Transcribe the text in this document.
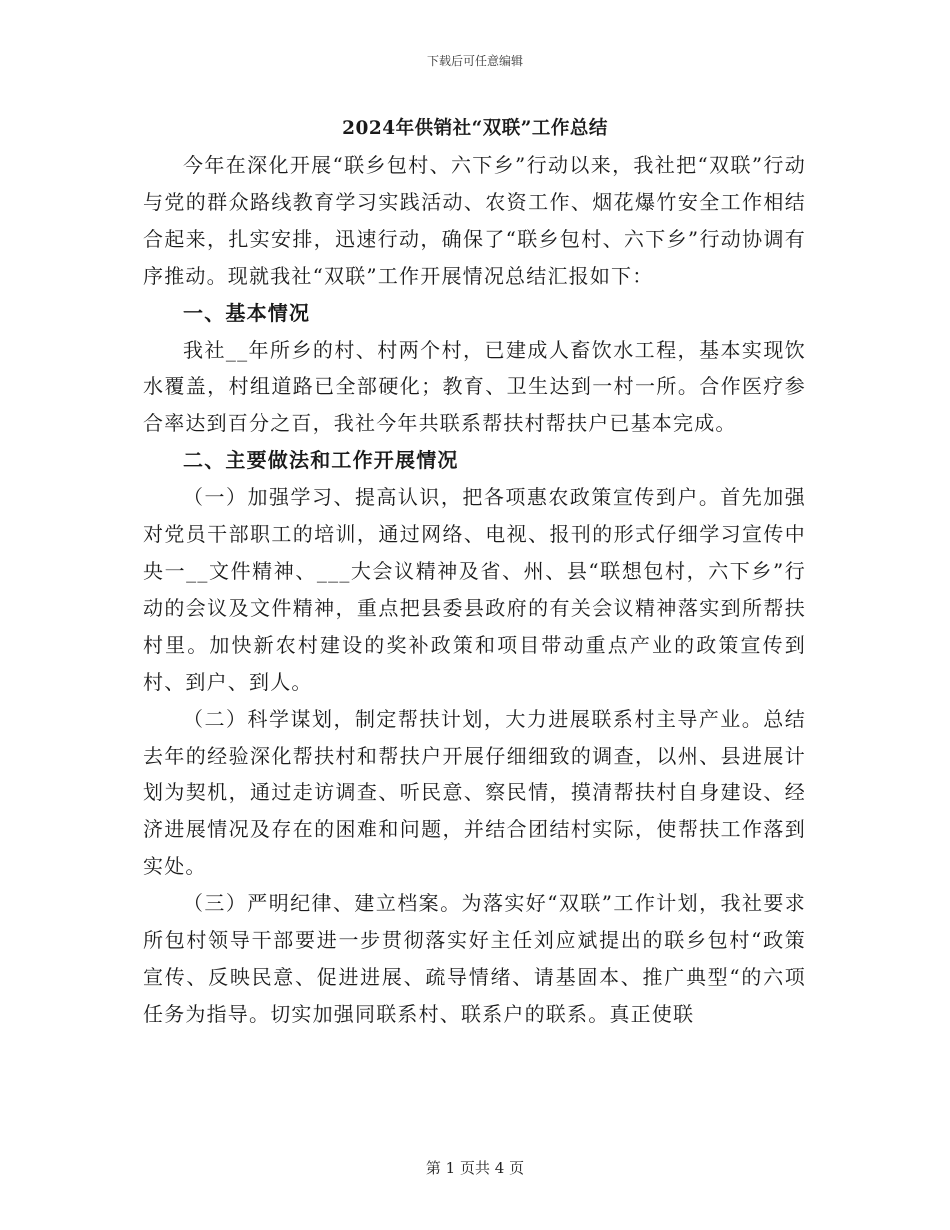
下载后可任意编辑
2024年供销社“双联”工作总结

今年在深化开展“联乡包村、六下乡”行动以来，我社把“双联”行动与党的群众路线教育学习实践活动、农资工作、烟花爆竹安全工作相结合起来，扎实安排，迅速行动，确保了“联乡包村、六下乡”行动协调有序推动。现就我社“双联”工作开展情况总结汇报如下：

一、基本情况

我社__年所乡的村、村两个村，已建成人畜饮水工程，基本实现饮水覆盖，村组道路已全部硬化；教育、卫生达到一村一所。合作医疗参合率达到百分之百，我社今年共联系帮扶村帮扶户已基本完成。

二、主要做法和工作开展情况

（一）加强学习、提高认识，把各项惠农政策宣传到户。首先加强对党员干部职工的培训，通过网络、电视、报刊的形式仔细学习宣传中央一__文件精神、___大会议精神及省、州、县“联想包村，六下乡”行动的会议及文件精神，重点把县委县政府的有关会议精神落实到所帮扶村里。加快新农村建设的奖补政策和项目带动重点产业的政策宣传到村、到户、到人。

（二）科学谋划，制定帮扶计划，大力进展联系村主导产业。总结去年的经验深化帮扶村和帮扶户开展仔细细致的调查，以州、县进展计划为契机，通过走访调查、听民意、察民情，摸清帮扶村自身建设、经济进展情况及存在的困难和问题，并结合团结村实际，使帮扶工作落到实处。

（三）严明纪律、建立档案。为落实好“双联”工作计划，我社要求所包村领导干部要进一步贯彻落实好主任刘应斌提出的联乡包村“政策宣传、反映民意、促进进展、疏导情绪、请基固本、推广典型“的六项任务为指导。切实加强同联系村、联系户的联系。真正使联

第 1 页共 4 页
